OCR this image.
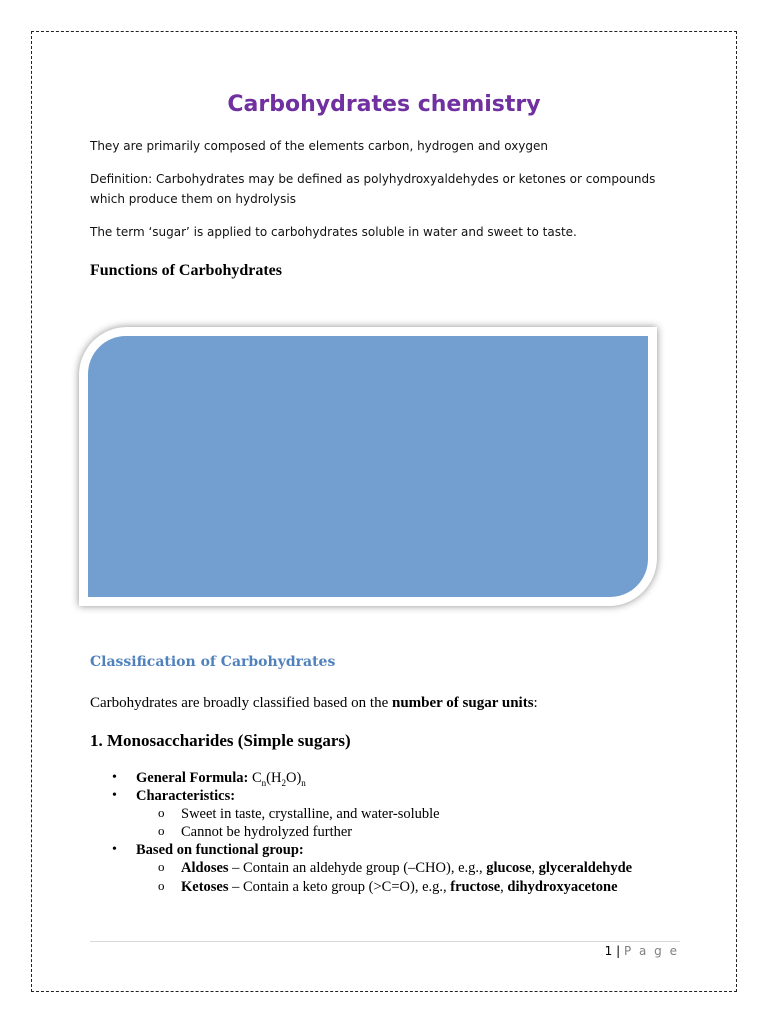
Carbohydrates chemistry

They are primarily composed of the elements carbon, hydrogen and oxygen

Definition: Carbohydrates may be defined as polyhydroxyaldehydes or ketones or compounds which produce them on hydrolysis

The term ‘sugar’ is applied to carbohydrates soluble in water and sweet to taste.

Functions of Carbohydrates
Classification of Carbohydrates

Carbohydrates are broadly classified based on the number of sugar units:

1. Monosaccharides (Simple sugars)
• General Formula: $C_n(H_2O)_n$
• Characteristics:
o Sweet in taste, crystalline, and water-soluble
o Cannot be hydrolyzed further
• Based on functional group:
o Aldoses – Contain an aldehyde group (–CHO), e.g., glucose, glyceraldehyde
o Ketoses – Contain a keto group (>C=O), e.g., fructose, dihydroxyacetone
1 | P a g e
